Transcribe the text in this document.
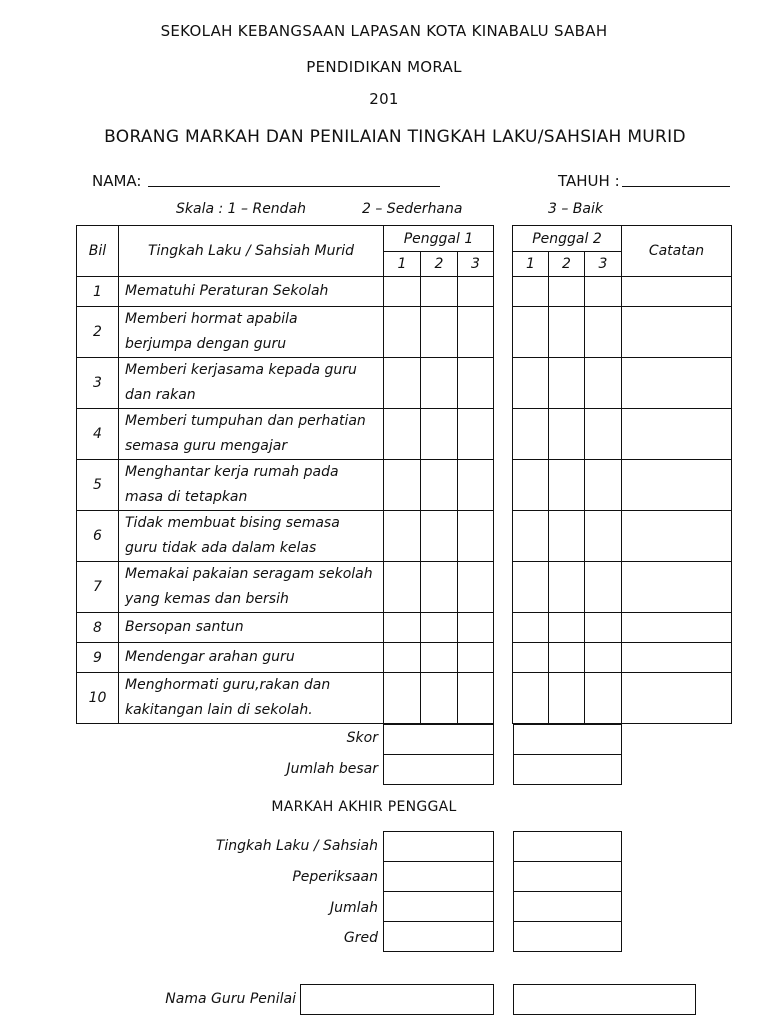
SEKOLAH KEBANGSAAN LAPASAN KOTA KINABALU SABAH
PENDIDIKAN MORAL
201
BORANG MARKAH DAN PENILAIAN TINGKAH LAKU/SAHSIAH MURID
NAMA:	TAHUH :
Skala : 1 – Rendah	2 – Sederhana	3 – Baik
Bil	Tingkah Laku / Sahsiah Murid	Penggal 1				Penggal 2			Catatan
		1	2	3		1	2	3	
1	Mematuhi Peraturan Sekolah								

2	Memberi hormat apabila
berjumpa dengan guru								

3	Memberi kerjasama kepada guru
dan rakan								

4	Memberi tumpuhan dan perhatian
semasa guru mengajar								

5	Menghantar kerja rumah pada
masa di tetapkan								

6	Tidak membuat bising semasa
guru tidak ada dalam kelas								

7	Memakai pakaian seragam sekolah
yang kemas dan bersih								

8	Bersopan santun								

9	Mendengar arahan guru								

10	Menghormati guru,rakan dan
kakitangan lain di sekolah.								

Skor
Jumlah besar

MARKAH AKHIR PENGGAL
Tingkah Laku / Sahsiah
Peperiksaan
Jumlah
Gred

Nama Guru Penilai
